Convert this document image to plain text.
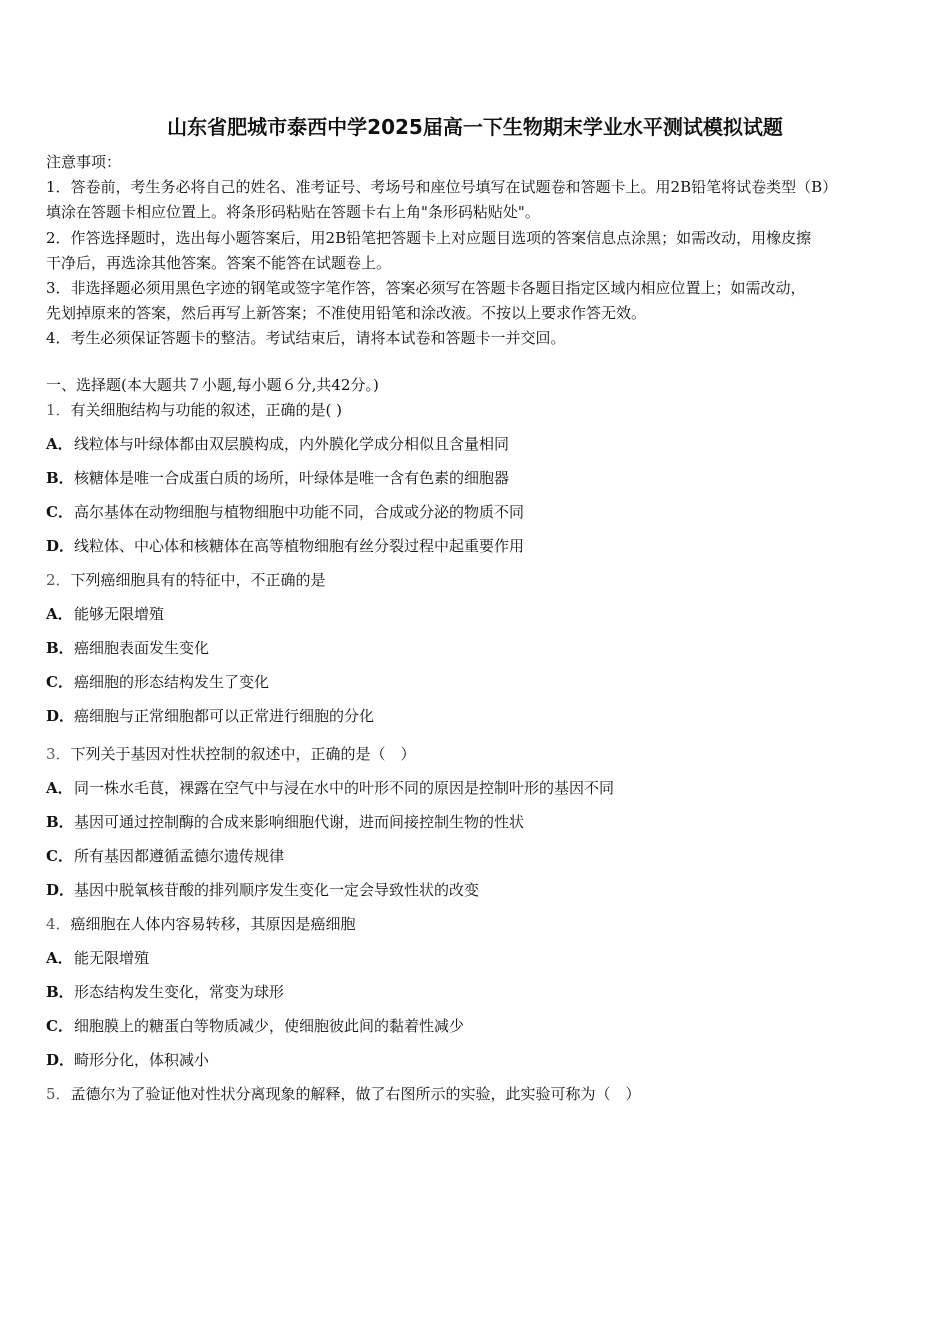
山东省肥城市泰西中学2025届高一下生物期末学业水平测试模拟试题
注意事项：
1．答卷前，考生务必将自己的姓名、准考证号、考场号和座位号填写在试题卷和答题卡上。用2B铅笔将试卷类型（B）
填涂在答题卡相应位置上。将条形码粘贴在答题卡右上角"条形码粘贴处"。
2．作答选择题时，选出每小题答案后，用2B铅笔把答题卡上对应题目选项的答案信息点涂黑；如需改动，用橡皮擦
干净后，再选涂其他答案。答案不能答在试题卷上。
3．非选择题必须用黑色字迹的钢笔或签字笔作答，答案必须写在答题卡各题目指定区域内相应位置上；如需改动，
先划掉原来的答案，然后再写上新答案；不准使用铅笔和涂改液。不按以上要求作答无效。
4．考生必须保证答题卡的整洁。考试结束后，请将本试卷和答题卡一并交回。
一、选择题(本大题共７小题,每小题６分,共42分。)
1．有关细胞结构与功能的叙述，正确的是( )
A．线粒体与叶绿体都由双层膜构成，内外膜化学成分相似且含量相同
B．核糖体是唯一合成蛋白质的场所，叶绿体是唯一含有色素的细胞器
C．高尔基体在动物细胞与植物细胞中功能不同，合成或分泌的物质不同
D．线粒体、中心体和核糖体在高等植物细胞有丝分裂过程中起重要作用
2．下列癌细胞具有的特征中，不正确的是
A．能够无限增殖
B．癌细胞表面发生变化
C．癌细胞的形态结构发生了变化
D．癌细胞与正常细胞都可以正常进行细胞的分化
3．下列关于基因对性状控制的叙述中，正确的是（　）
A．同一株水毛茛，裸露在空气中与浸在水中的叶形不同的原因是控制叶形的基因不同
B．基因可通过控制酶的合成来影响细胞代谢，进而间接控制生物的性状
C．所有基因都遵循孟德尔遗传规律
D．基因中脱氧核苷酸的排列顺序发生变化一定会导致性状的改变
4．癌细胞在人体内容易转移，其原因是癌细胞
A．能无限增殖
B．形态结构发生变化，常变为球形
C．细胞膜上的糖蛋白等物质减少，使细胞彼此间的黏着性减少
D．畸形分化，体积减小
5．孟德尔为了验证他对性状分离现象的解释，做了右图所示的实验，此实验可称为（　）
